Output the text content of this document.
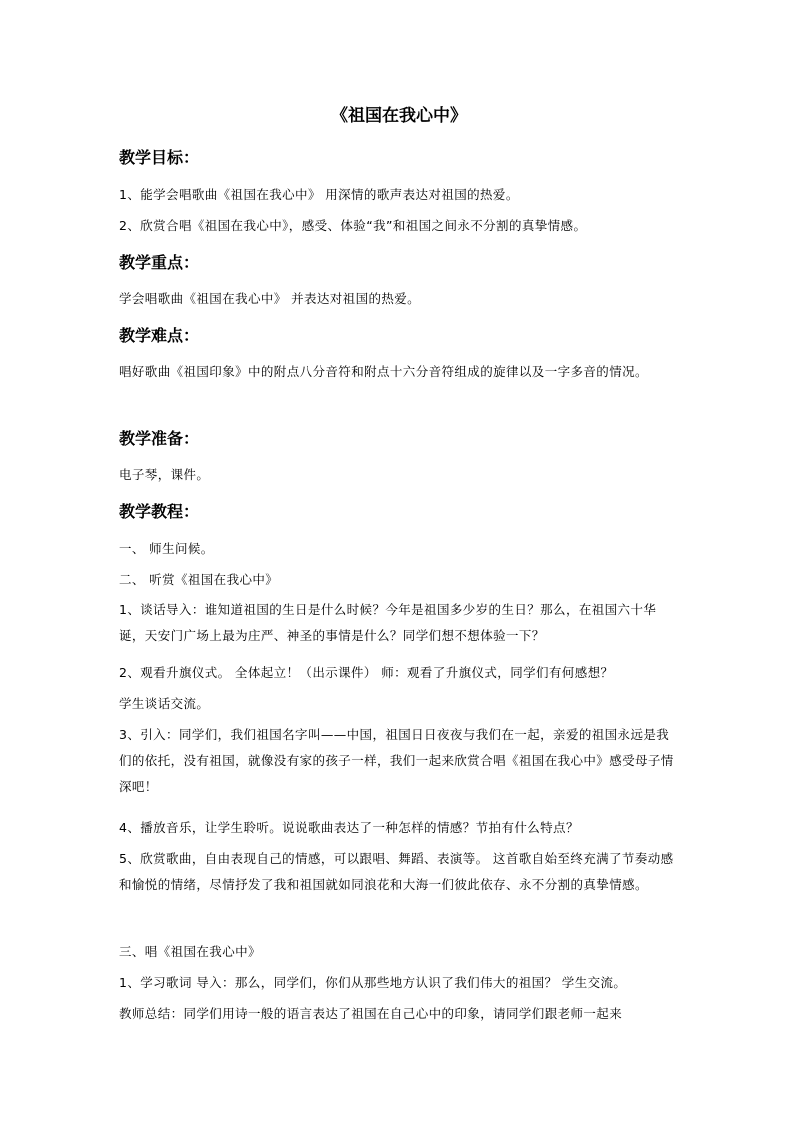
《祖国在我心中》
教学目标：
1、能学会唱歌曲《祖国在我心中》 用深情的歌声表达对祖国的热爱。
2、欣赏合唱《祖国在我心中》，感受、体验“我”和祖国之间永不分割的真挚情感。
教学重点：
学会唱歌曲《祖国在我心中》 并表达对祖国的热爱。
教学难点：
唱好歌曲《祖国印象》中的附点八分音符和附点十六分音符组成的旋律以及一字多音的情况。
教学准备：
电子琴，课件。
教学教程：
一、 师生问候。
二、 听赏《祖国在我心中》
1、谈话导入：谁知道祖国的生日是什么时候？今年是祖国多少岁的生日？那么，在祖国六十华诞，天安门广场上最为庄严、神圣的事情是什么？同学们想不想体验一下？
2、观看升旗仪式。 全体起立！（出示课件） 师：观看了升旗仪式，同学们有何感想？
学生谈话交流。
3、引入：同学们，我们祖国名字叫——中国，祖国日日夜夜与我们在一起，亲爱的祖国永远是我们的依托，没有祖国，就像没有家的孩子一样，我们一起来欣赏合唱《祖国在我心中》感受母子情深吧！
4、播放音乐，让学生聆听。说说歌曲表达了一种怎样的情感？节拍有什么特点？
5、欣赏歌曲，自由表现自己的情感，可以跟唱、舞蹈、表演等。 这首歌自始至终充满了节奏动感和愉悦的情绪，尽情抒发了我和祖国就如同浪花和大海一们彼此依存、永不分割的真挚情感。
三、唱《祖国在我心中》
1、学习歌词 导入：那么，同学们，你们从那些地方认识了我们伟大的祖国？ 学生交流。
教师总结：同学们用诗一般的语言表达了祖国在自己心中的印象，请同学们跟老师一起来
